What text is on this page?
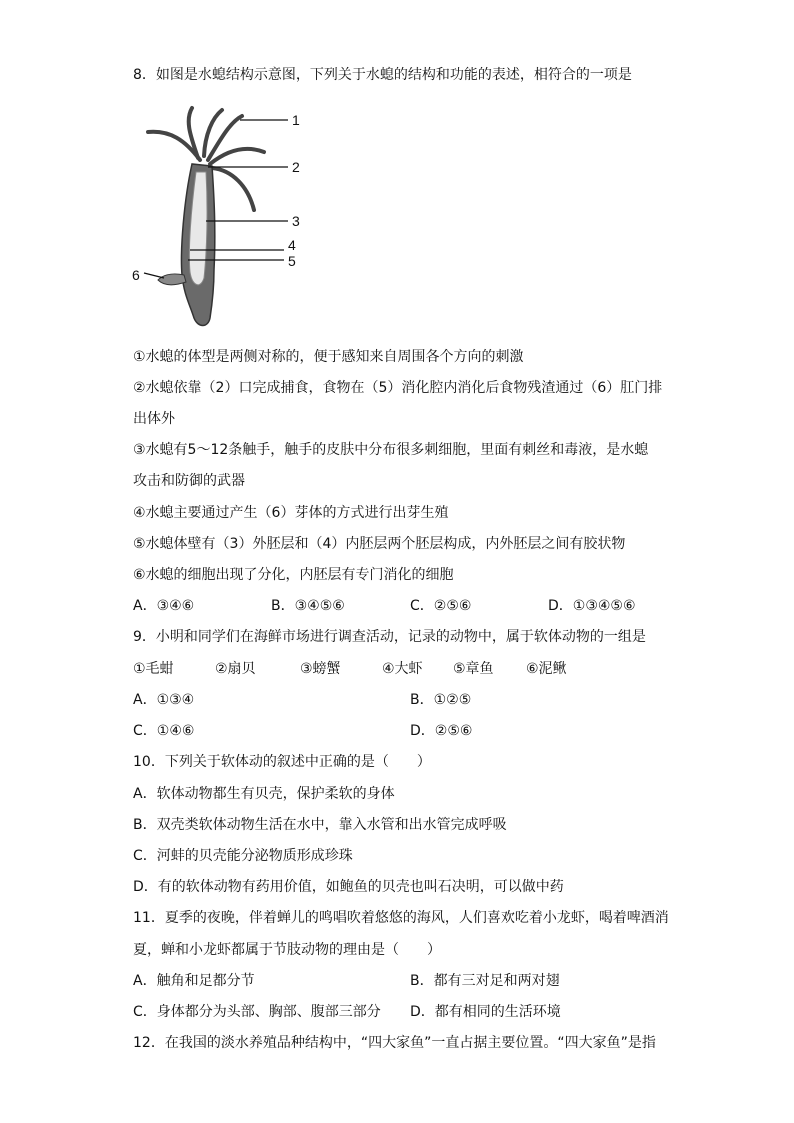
8．如图是水螅结构示意图，下列关于水螅的结构和功能的表述，相符合的一项是
1
2
3
4
5
6
①水螅的体型是两侧对称的，便于感知来自周围各个方向的刺激
②水螅依靠（2）口完成捕食，食物在（5）消化腔内消化后食物残渣通过（6）肛门排
出体外
③水螅有5～12条触手，触手的皮肤中分布很多刺细胞，里面有刺丝和毒液，是水螅
攻击和防御的武器
④水螅主要通过产生（6）芽体的方式进行出芽生殖
⑤水螅体壁有（3）外胚层和（4）内胚层两个胚层构成，内外胚层之间有胶状物
⑥水螅的细胞出现了分化，内胚层有专门消化的细胞
A．③④⑥	B．③④⑤⑥	C．②⑤⑥	D．①③④⑤⑥
9．小明和同学们在海鲜市场进行调查活动，记录的动物中，属于软体动物的一组是
①毛蚶	②扇贝	③螃蟹	④大虾 ⑤章鱼 ⑥泥鳅
A．①③④	B．①②⑤
C．①④⑥	D．②⑤⑥
10．下列关于软体动的叙述中正确的是（　　）
A．软体动物都生有贝壳，保护柔软的身体
B．双壳类软体动物生活在水中，靠入水管和出水管完成呼吸
C．河蚌的贝壳能分泌物质形成珍珠
D．有的软体动物有药用价值，如鲍鱼的贝壳也叫石决明，可以做中药
11．夏季的夜晚，伴着蝉儿的鸣唱吹着悠悠的海风，人们喜欢吃着小龙虾，喝着啤酒消
夏，蝉和小龙虾都属于节肢动物的理由是（　　）
A．触角和足都分节	B．都有三对足和两对翅
C．身体都分为头部、胸部、腹部三部分 D．都有相同的生活环境
12．在我国的淡水养殖品种结构中，“四大家鱼”一直占据主要位置。“四大家鱼”是指
